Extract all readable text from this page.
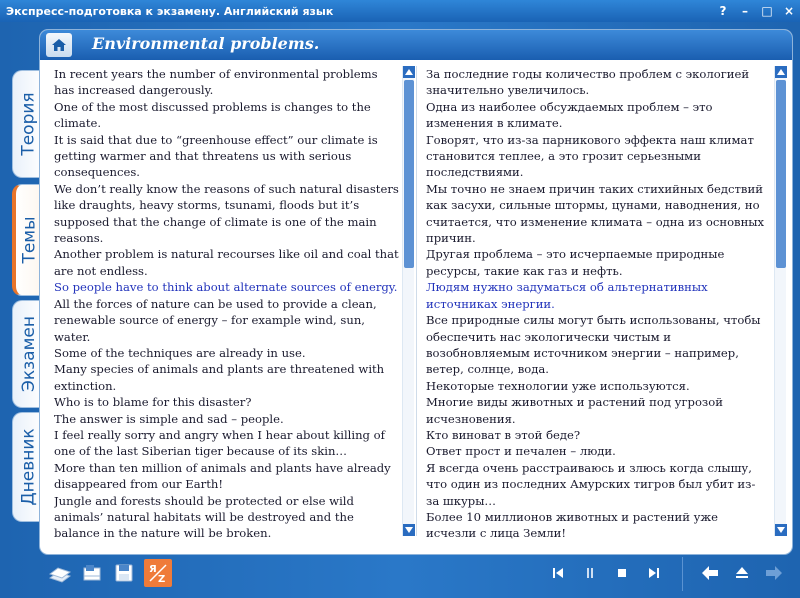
Экспресс-подготовка к экзамену. Английский язык	?	–	□ ×
Теория
Темы
Экзамен
Дневник
Environmental problems.

In recent years the number of environmental problems has increased dangerously.

One of the most discussed problems is changes to the climate.

It is said that due to “greenhouse effect” our climate is getting warmer and that threatens us with serious consequences.

We don’t really know the reasons of such natural disasters like draughts, heavy storms, tsunami, floods but it’s supposed that the change of climate is one of the main reasons.

Another problem is natural recourses like oil and coal that are not endless.

So people have to think about alternate sources of energy.

All the forces of nature can be used to provide a clean, renewable source of energy – for example wind, sun, water.

Some of the techniques are already in use.

Many species of animals and plants are threatened with extinction.

Who is to blame for this disaster?

The answer is simple and sad – people.

I feel really sorry and angry when I hear about killing of one of the last Siberian tiger because of its skin…

More than ten million of animals and plants have already disappeared from our Earth!

Jungle and forests should be protected or else wild animals’ natural habitats will be destroyed and the balance in the nature will be broken.

За последние годы количество проблем с экологией значительно увеличилось.

Одна из наиболее обсуждаемых проблем – это изменения в климате.

Говорят, что из-за парникового эффекта наш климат становится теплее, а это грозит серьезными последствиями.

Мы точно не знаем причин таких стихийных бедствий как засухи, сильные штормы, цунами, наводнения, но считается, что изменение климата – одна из основных причин.

Другая проблема – это исчерпаемые природные ресурсы, такие как газ и нефть.

Людям нужно задуматься об альтернативных источниках энергии.

Все природные силы могут быть использованы, чтобы обеспечить нас экологически чистым и возобновляемым источником энергии – например, ветер, солнце, вода.

Некоторые технологии уже используются.

Многие виды животных и растений под угрозой исчезновения.

Кто виноват в этой беде?

Ответ прост и печален – люди.

Я всегда очень расстраиваюсь и злюсь когда слышу, что один из последних Амурских тигров был убит из-за шкуры…

Более 10 миллионов животных и растений уже исчезли с лица Земли!

Я
Z
